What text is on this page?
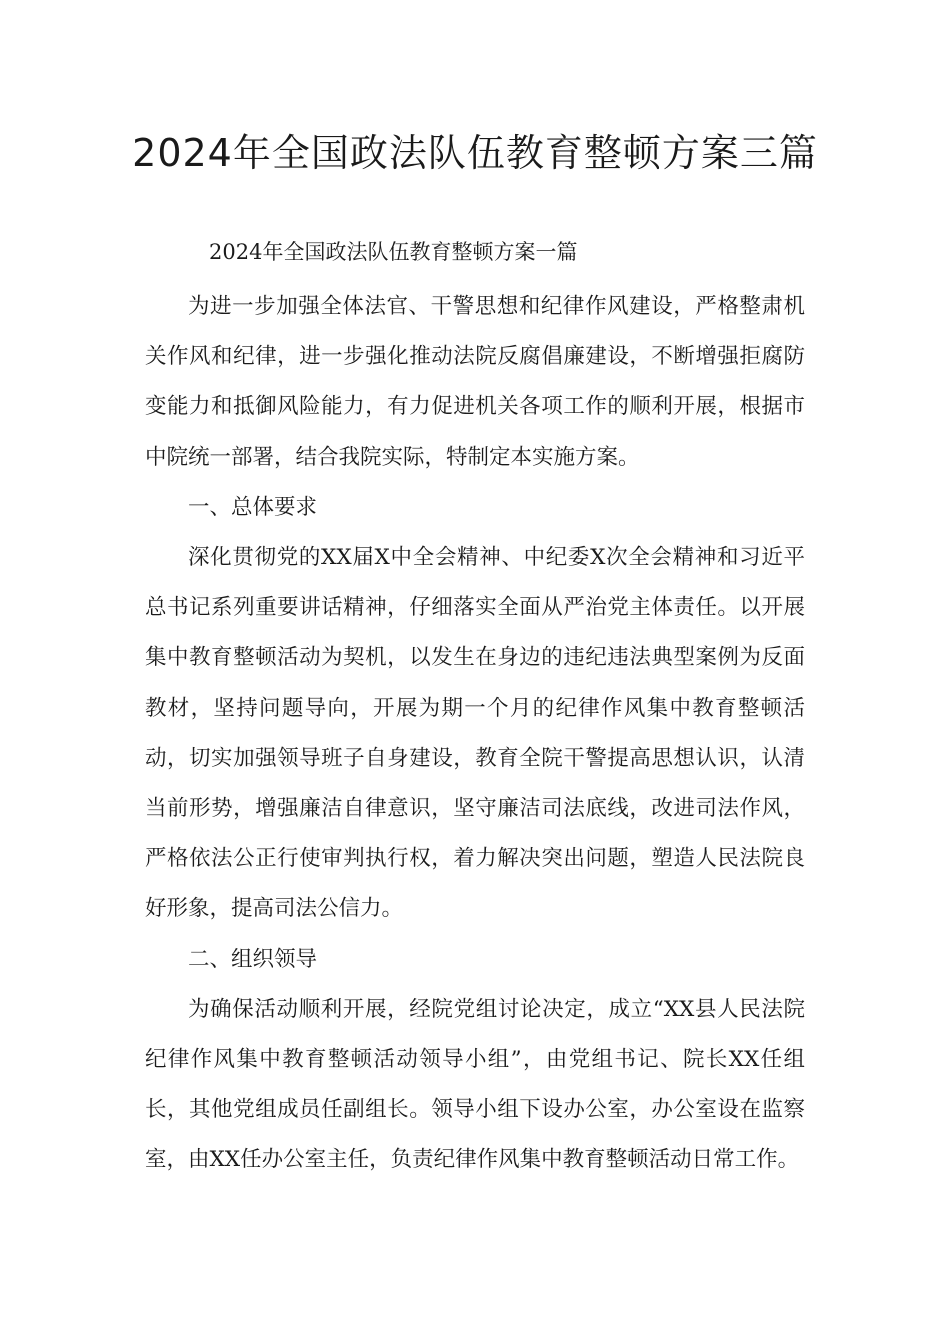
2024年全国政法队伍教育整顿方案三篇

2024年全国政法队伍教育整顿方案一篇

为进一步加强全体法官、干警思想和纪律作风建设，严格整肃机关作风和纪律，进一步强化推动法院反腐倡廉建设，不断增强拒腐防变能力和抵御风险能力，有力促进机关各项工作的顺利开展，根据市中院统一部署，结合我院实际，特制定本实施方案。

一、总体要求

深化贯彻党的XX届X中全会精神、中纪委X次全会精神和习近平总书记系列重要讲话精神，仔细落实全面从严治党主体责任。以开展集中教育整顿活动为契机，以发生在身边的违纪违法典型案例为反面教材，坚持问题导向，开展为期一个月的纪律作风集中教育整顿活动，切实加强领导班子自身建设，教育全院干警提高思想认识，认清当前形势，增强廉洁自律意识，坚守廉洁司法底线，改进司法作风，严格依法公正行使审判执行权，着力解决突出问题，塑造人民法院良好形象，提高司法公信力。

二、组织领导

为确保活动顺利开展，经院党组讨论决定，成立“XX县人民法院纪律作风集中教育整顿活动领导小组”，由党组书记、院长XX任组长，其他党组成员任副组长。领导小组下设办公室，办公室设在监察室，由XX任办公室主任，负责纪律作风集中教育整顿活动日常工作。
